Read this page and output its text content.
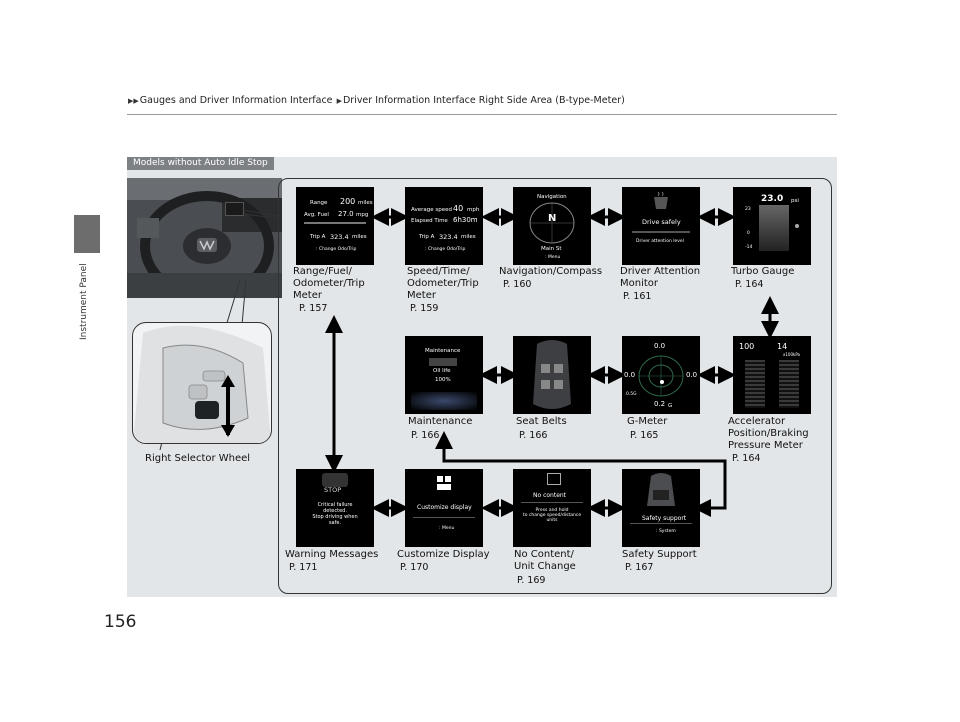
▶▶Gauges and Driver Information Interface ▶Driver Information Interface Right Side Area (B-type-Meter)
Instrument Panel
156
Models without Auto Idle Stop
Right Selector Wheel
Range 200 miles
Avg. Fuel 27.0 mpg
Trip A 323.4 miles
: Change Odo/Trip
Average speed 40 mph
Elapsed Time 6h30m
Trip A 323.4 miles
: Change Odo/Trip
Navigation
N
Main St
: Menu
Drive safely
Driver attention level
23.0 psi
23
0
-14
Maintenance
Oil life
100%
0.0
0.0	0.0
0.2 G
0.5G
100	14
x100kPa
STOP
Critical failure
detected.
Stop driving when
safe.
Customize display
: Menu
No content
Press and hold
to change speed/distance
units	Safety support
: System
Range/Fuel/
Odometer/Trip
Meter
P. 157
Speed/Time/
Odometer/Trip
Meter
P. 159
Navigation/Compass
P. 160
Driver Attention
Monitor
P. 161
Turbo Gauge
P. 164
Maintenance
P. 166
Seat Belts
P. 166
G-Meter
P. 165
Accelerator
Position/Braking
Pressure Meter
P. 164
Warning Messages
P. 171
Customize Display
P. 170
No Content/
Unit Change
P. 169
Safety Support
P. 167
